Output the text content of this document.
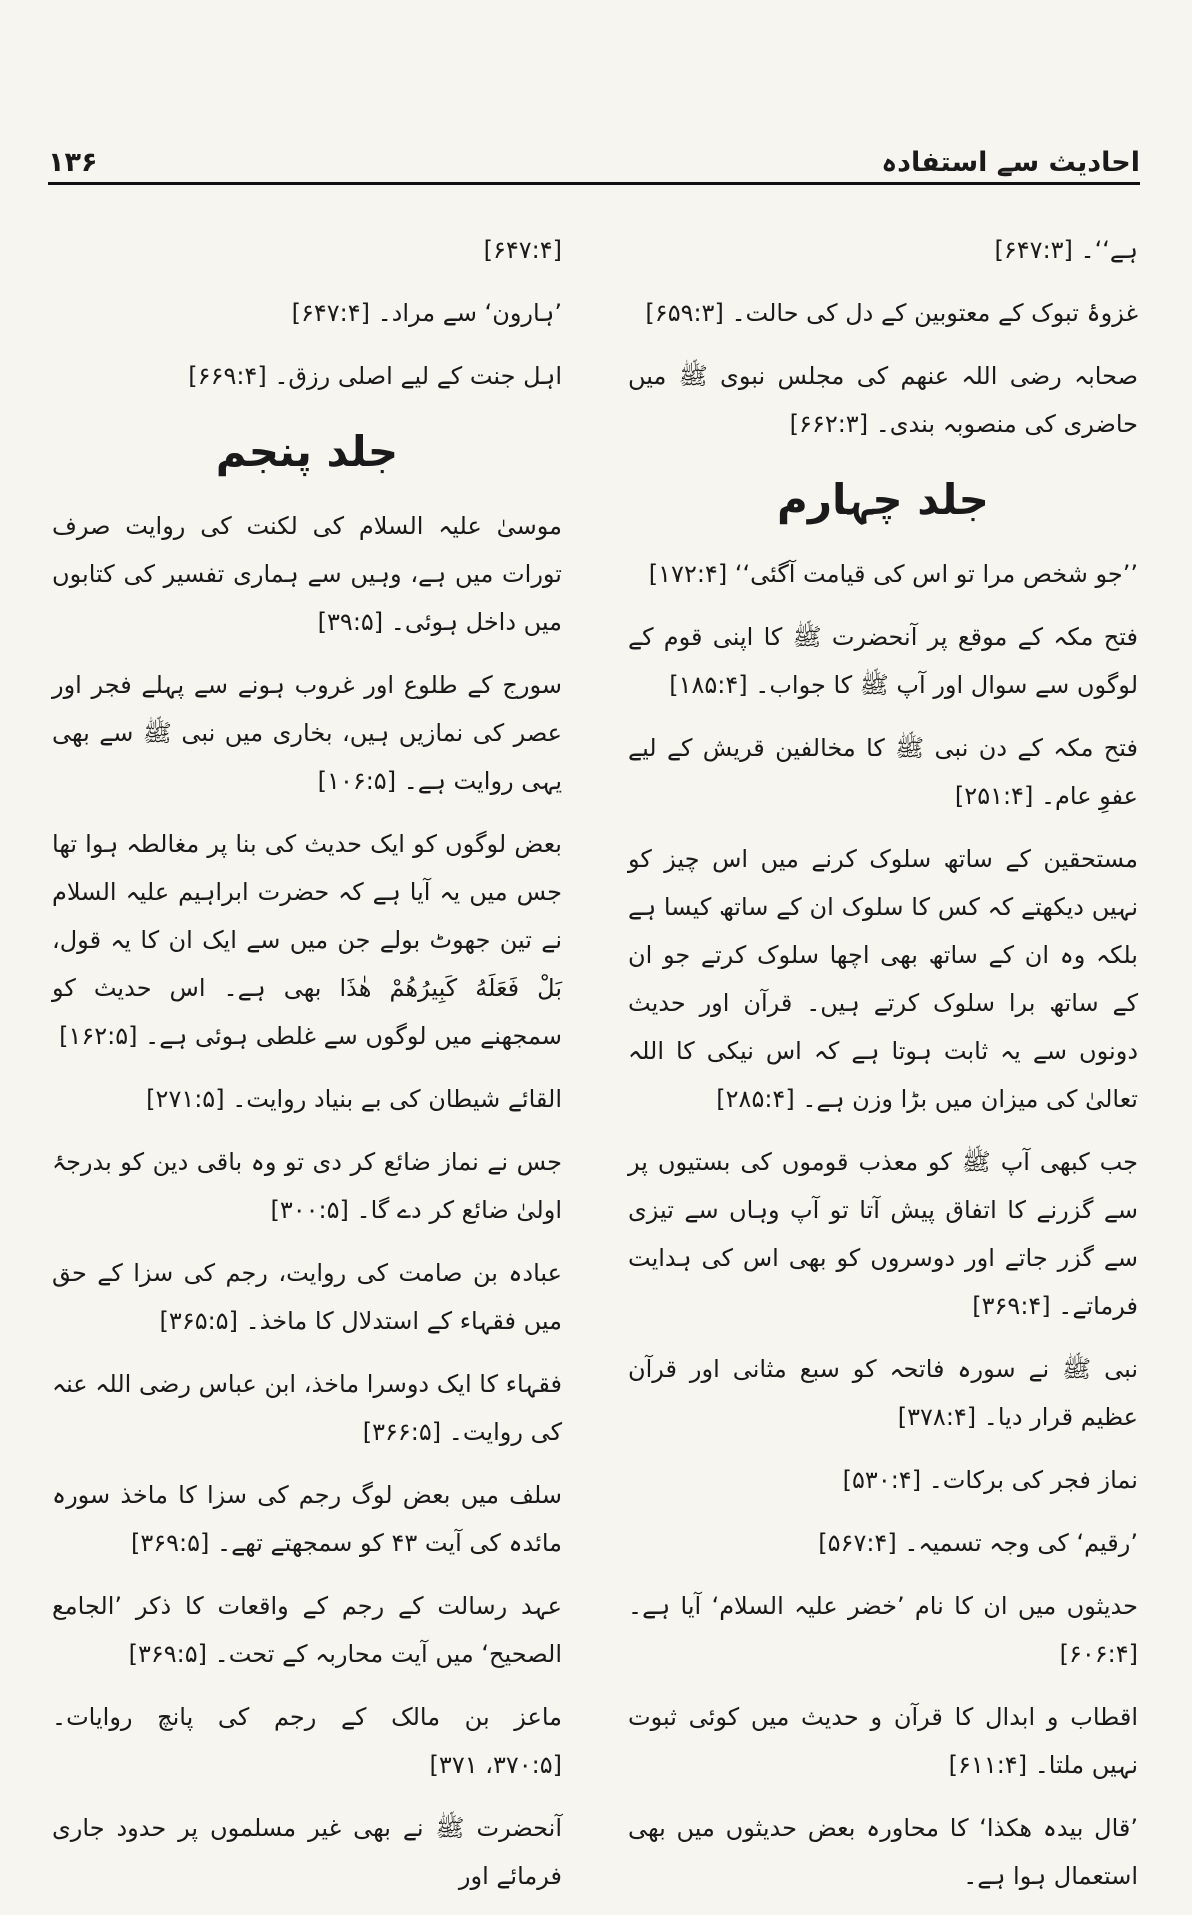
احادیث سے استفادہ
۱۳۶

ہے‘‘۔ [۶۴۷:۳]

غزوۂ تبوک کے معتوبین کے دل کی حالت۔ [۶۵۹:۳]

صحابہ رضی اللہ عنھم کی مجلس نبوی ﷺ میں حاضری کی منصوبہ بندی۔ [۶۶۲:۳]

جلد چہارم

’’جو شخص مرا تو اس کی قیامت آگئی‘‘ [۱۷۲:۴]

فتح مکہ کے موقع پر آنحضرت ﷺ کا اپنی قوم کے لوگوں سے سوال اور آپ ﷺ کا جواب۔ [۱۸۵:۴]

فتح مکہ کے دن نبی ﷺ کا مخالفین قریش کے لیے عفوِ عام۔ [۲۵۱:۴]

مستحقین کے ساتھ سلوک کرنے میں اس چیز کو نہیں دیکھتے کہ کس کا سلوک ان کے ساتھ کیسا ہے بلکہ وہ ان کے ساتھ بھی اچھا سلوک کرتے جو ان کے ساتھ برا سلوک کرتے ہیں۔ قرآن اور حدیث دونوں سے یہ ثابت ہوتا ہے کہ اس نیکی کا اللہ تعالیٰ کی میزان میں بڑا وزن ہے۔ [۲۸۵:۴]

جب کبھی آپ ﷺ کو معذب قوموں کی بستیوں پر سے گزرنے کا اتفاق پیش آتا تو آپ وہاں سے تیزی سے گزر جاتے اور دوسروں کو بھی اس کی ہدایت فرماتے۔ [۳۶۹:۴]

نبی ﷺ نے سورہ فاتحہ کو سبع مثانی اور قرآن عظیم قرار دیا۔ [۳۷۸:۴]

نماز فجر کی برکات۔ [۵۳۰:۴]

’رقیم‘ کی وجہ تسمیہ۔ [۵۶۷:۴]

حدیثوں میں ان کا نام ’خضر علیہ السلام‘ آیا ہے۔ [۶۰۶:۴]

اقطاب و ابدال کا قرآن و حدیث میں کوئی ثبوت نہیں ملتا۔ [۶۱۱:۴]

’قال بیدہ ھکذا‘ کا محاورہ بعض حدیثوں میں بھی استعمال ہوا ہے۔

[۶۴۷:۴]

’ہارون‘ سے مراد۔ [۶۴۷:۴]

اہل جنت کے لیے اصلی رزق۔ [۶۶۹:۴]

جلد پنجم

موسیٰ علیہ السلام کی لکنت کی روایت صرف تورات میں ہے، وہیں سے ہماری تفسیر کی کتابوں میں داخل ہوئی۔ [۳۹:۵]

سورج کے طلوع اور غروب ہونے سے پہلے فجر اور عصر کی نمازیں ہیں، بخاری میں نبی ﷺ سے بھی یہی روایت ہے۔ [۱۰۶:۵]

بعض لوگوں کو ایک حدیث کی بنا پر مغالطہ ہوا تھا جس میں یہ آیا ہے کہ حضرت ابراہیم علیہ السلام نے تین جھوٹ بولے جن میں سے ایک ان کا یہ قول، بَلْ فَعَلَهُ كَبِيرُهُمْ هٰذَا بھی ہے۔ اس حدیث کو سمجھنے میں لوگوں سے غلطی ہوئی ہے۔ [۱۶۲:۵]

القائے شیطان کی بے بنیاد روایت۔ [۲۷۱:۵]

جس نے نماز ضائع کر دی تو وہ باقی دین کو بدرجۂ اولیٰ ضائع کر دے گا۔ [۳۰۰:۵]

عبادہ بن صامت کی روایت، رجم کی سزا کے حق میں فقہاء کے استدلال کا ماخذ۔ [۳۶۵:۵]

فقہاء کا ایک دوسرا ماخذ، ابن عباس رضی اللہ عنہ کی روایت۔ [۳۶۶:۵]

سلف میں بعض لوگ رجم کی سزا کا ماخذ سورہ مائدہ کی آیت ۴۳ کو سمجھتے تھے۔ [۳۶۹:۵]

عہد رسالت کے رجم کے واقعات کا ذکر ’الجامع الصحیح‘ میں آیت محاربہ کے تحت۔ [۳۶۹:۵]

ماعز بن مالک کے رجم کی پانچ روایات۔ [۳۷۰:۵، ۳۷۱]

آنحضرت ﷺ نے بھی غیر مسلموں پر حدود جاری فرمائے اور
